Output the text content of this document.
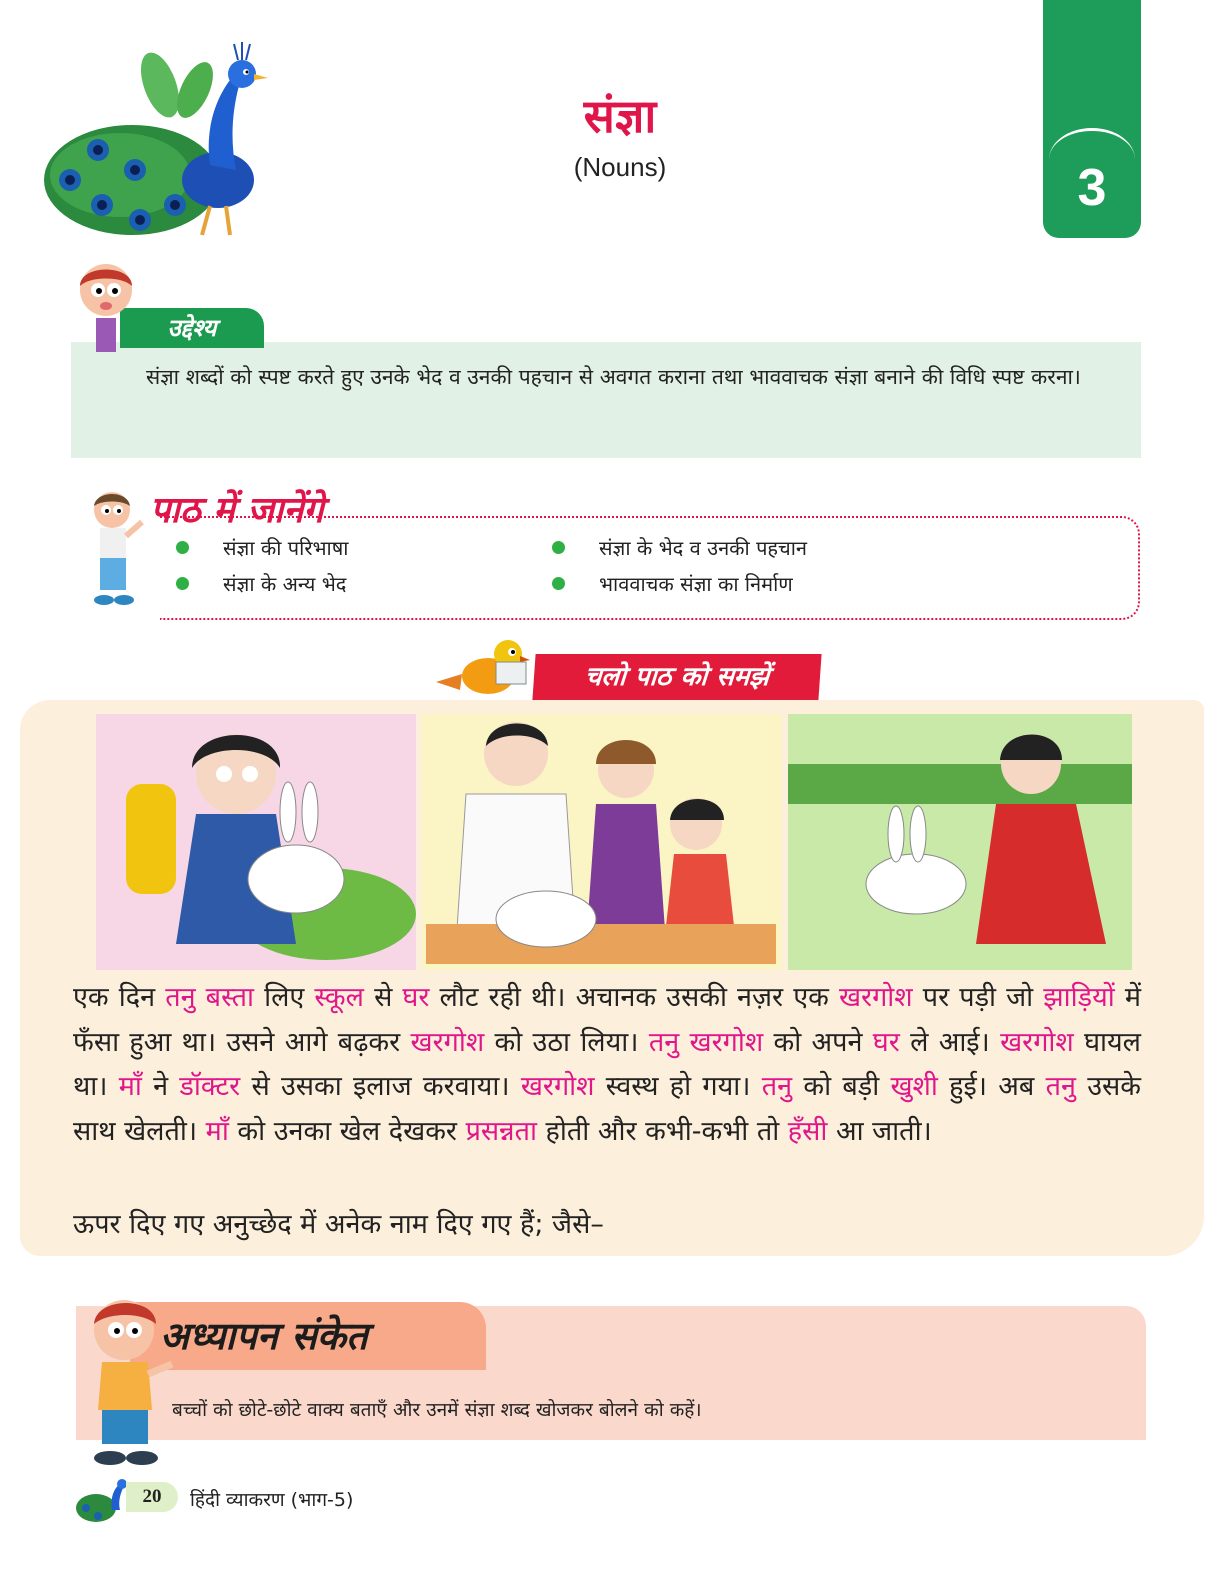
3
संज्ञा
(Nouns)
उद्देश्य
संज्ञा शब्दों को स्पष्ट करते हुए उनके भेद व उनकी पहचान से अवगत कराना तथा भाववाचक संज्ञा बनाने की विधि स्पष्ट करना।
पाठ में जानेंगे
संज्ञा की परिभाषा	संज्ञा के भेद व उनकी पहचान
संज्ञा के अन्य भेद	भाववाचक संज्ञा का निर्माण
चलो पाठ को समझें
एक दिन तनु बस्ता लिए स्कूल से घर लौट रही थी। अचानक उसकी नज़र एक खरगोश पर पड़ी जो झाड़ियों में फँसा हुआ था। उसने आगे बढ़कर खरगोश को उठा लिया। तनु खरगोश को अपने घर ले आई। खरगोश घायल था। माँ ने डॉक्टर से उसका इलाज करवाया। खरगोश स्वस्थ हो गया। तनु को बड़ी खुशी हुई। अब तनु उसके साथ खेलती। माँ को उनका खेल देखकर प्रसन्नता होती और कभी-कभी तो हँसी आ जाती।
ऊपर दिए गए अनुच्छेद में अनेक नाम दिए गए हैं; जैसे–
अध्यापन संकेत
बच्चों को छोटे-छोटे वाक्य बताएँ और उनमें संज्ञा शब्द खोजकर बोलने को कहें।
20	हिंदी व्याकरण (भाग-5)
